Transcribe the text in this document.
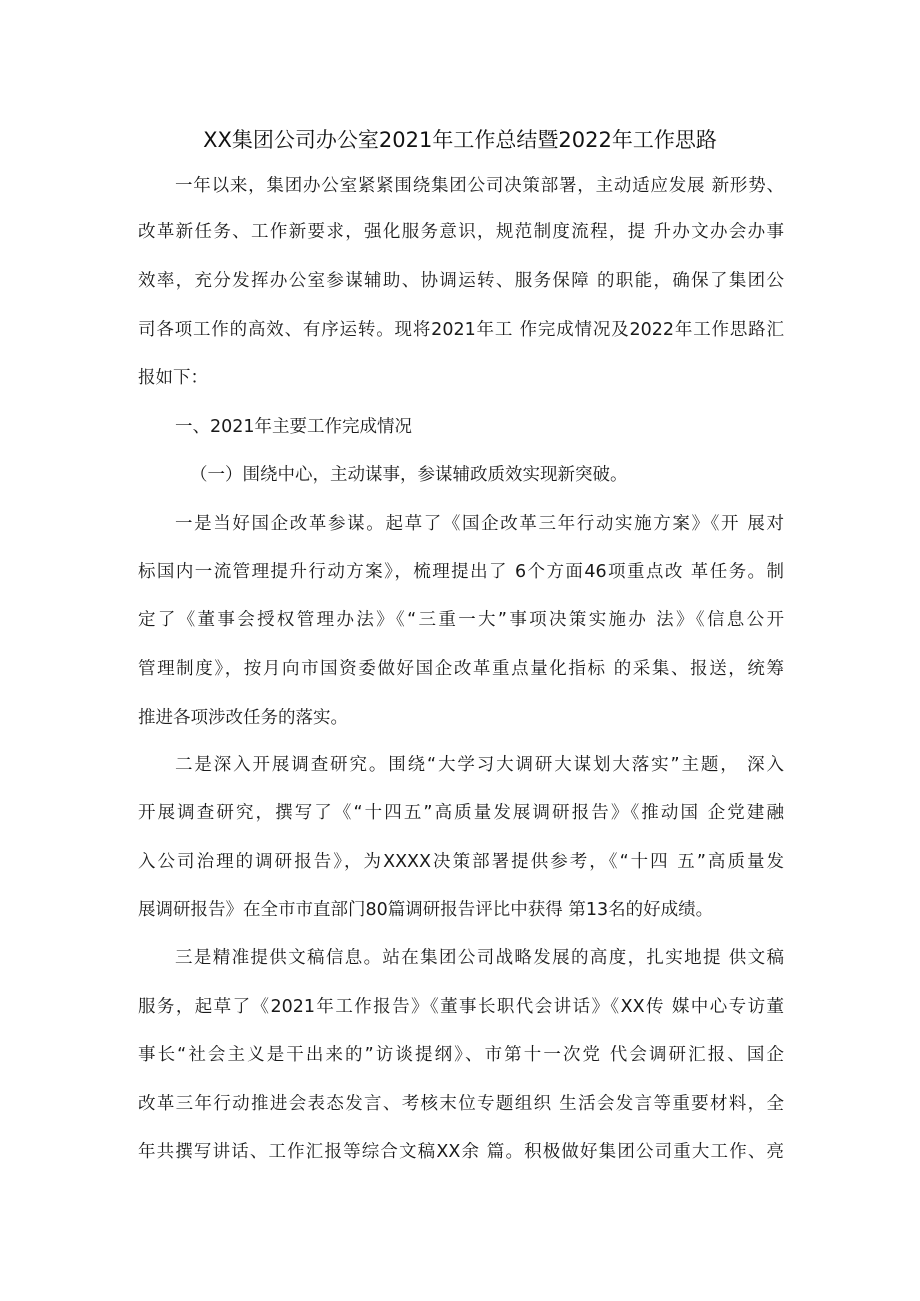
XX集团公司办公室2021年工作总结暨2022年工作思路
一年以来，集团办公室紧紧围绕集团公司决策部署，主动适应发展 新形势、
改革新任务、工作新要求，强化服务意识，规范制度流程，提 升办文办会办事
效率，充分发挥办公室参谋辅助、协调运转、服务保障 的职能，确保了集团公
司各项工作的高效、有序运转。现将2021年工 作完成情况及2022年工作思路汇
报如下：
一、2021年主要工作完成情况
（一）围绕中心，主动谋事，参谋辅政质效实现新突破。
一是当好国企改革参谋。起草了《国企改革三年行动实施方案》《开 展对
标国内一流管理提升行动方案》，梳理提出了 6个方面46项重点改 革任务。制
定了《董事会授权管理办法》《“三重一大”事项决策实施办 法》《信息公开
管理制度》，按月向市国资委做好国企改革重点量化指标 的采集、报送，统筹
推进各项涉改任务的落实。
二是深入开展调查研究。围绕“大学习大调研大谋划大落实”主题， 深入
开展调查研究，撰写了《“十四五”高质量发展调研报告》《推动国 企党建融
入公司治理的调研报告》，为XXXX决策部署提供参考，《“十四 五”高质量发
展调研报告》在全市市直部门80篇调研报告评比中获得 第13名的好成绩。
三是精准提供文稿信息。站在集团公司战略发展的高度，扎实地提 供文稿
服务，起草了《2021年工作报告》《董事长职代会讲话》《XX传 媒中心专访董
事长“社会主义是干出来的”访谈提纲》、市第十一次党 代会调研汇报、国企
改革三年行动推进会表态发言、考核末位专题组织 生活会发言等重要材料，全
年共撰写讲话、工作汇报等综合文稿XX余 篇。积极做好集团公司重大工作、亮
